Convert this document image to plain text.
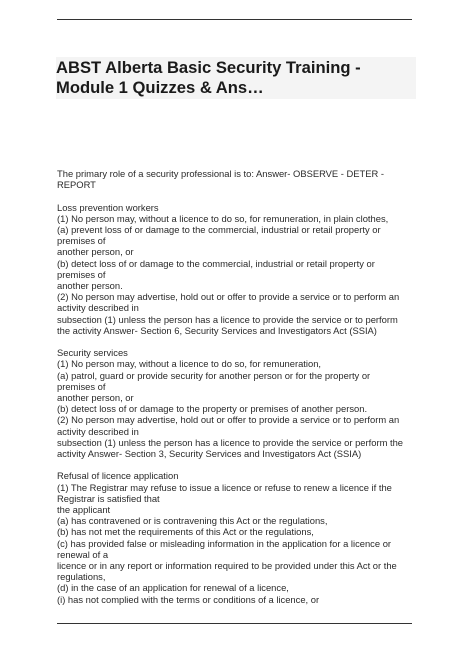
ABST Alberta Basic Security Training -
Module 1 Quizzes & Ans…

The primary role of a security professional is to: Answer- OBSERVE - DETER -
REPORT

Loss prevention workers
(1) No person may, without a licence to do so, for remuneration, in plain clothes,
(a) prevent loss of or damage to the commercial, industrial or retail property or
premises of
another person, or
(b) detect loss of or damage to the commercial, industrial or retail property or
premises of
another person.
(2) No person may advertise, hold out or offer to provide a service or to perform an
activity described in
subsection (1) unless the person has a licence to provide the service or to perform
the activity Answer- Section 6, Security Services and Investigators Act (SSIA)

Security services
(1) No person may, without a licence to do so, for remuneration,
(a) patrol, guard or provide security for another person or for the property or
premises of
another person, or
(b) detect loss of or damage to the property or premises of another person.
(2) No person may advertise, hold out or offer to provide a service or to perform an
activity described in
subsection (1) unless the person has a licence to provide the service or perform the
activity Answer- Section 3, Security Services and Investigators Act (SSIA)

Refusal of licence application
(1) The Registrar may refuse to issue a licence or refuse to renew a licence if the
Registrar is satisfied that
the applicant
(a) has contravened or is contravening this Act or the regulations,
(b) has not met the requirements of this Act or the regulations,
(c) has provided false or misleading information in the application for a licence or
renewal of a
licence or in any report or information required to be provided under this Act or the
regulations,
(d) in the case of an application for renewal of a licence,
(i) has not complied with the terms or conditions of a licence, or
